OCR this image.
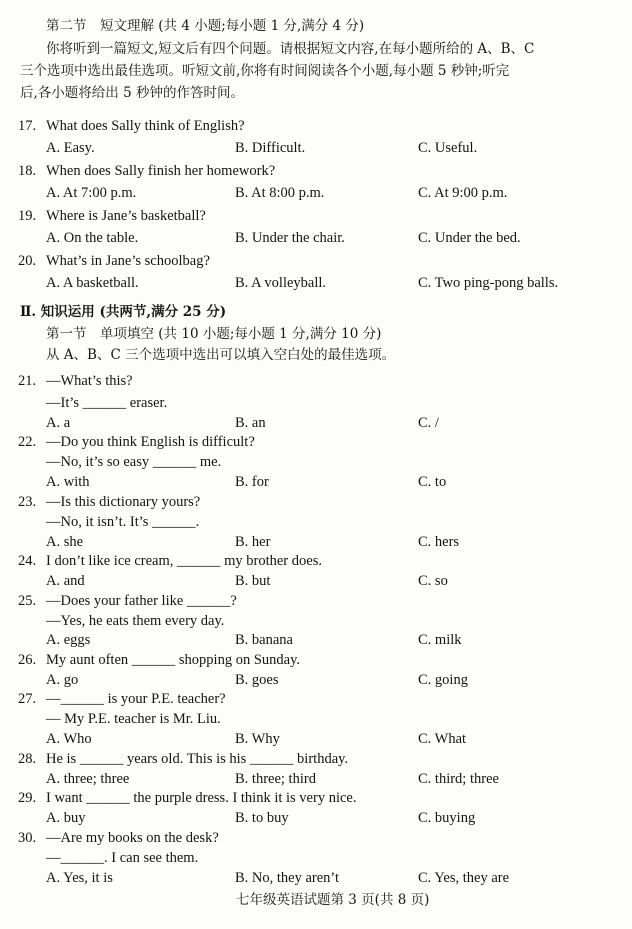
第二节　短文理解 (共 4 小题;每小题 1 分,满分 4 分)
你将听到一篇短文,短文后有四个问题。请根据短文内容,在每小题所给的 A、B、C
三个选项中选出最佳选项。听短文前,你将有时间阅读各个小题,每小题 5 秒钟;听完
后,各小题将给出 5 秒钟的作答时间。
17. What does Sally think of English?
A. Easy.	B. Difficult.	C. Useful.
18. When does Sally finish her homework?
A. At 7:00 p.m.	B. At 8:00 p.m.	C. At 9:00 p.m.
19. Where is Jane’s basketball?
A. On the table.	B. Under the chair.	C. Under the bed.
20. What’s in Jane’s schoolbag?
A. A basketball.	B. A volleyball.	C. Two ping-pong balls.
Ⅱ. 知识运用 (共两节,满分 25 分)
第一节　单项填空 (共 10 小题;每小题 1 分,满分 10 分)
从 A、B、C 三个选项中选出可以填入空白处的最佳选项。
21. —What’s this?
—It’s ______ eraser.
A. a	B. an	C. /
22. —Do you think English is difficult?
—No, it’s so easy ______ me.
A. with	B. for	C. to
23. —Is this dictionary yours?
—No, it isn’t. It’s ______.
A. she	B. her	C. hers
24. I don’t like ice cream, ______ my brother does.
A. and	B. but	C. so
25. —Does your father like ______?
—Yes, he eats them every day.
A. eggs	B. banana	C. milk
26. My aunt often ______ shopping on Sunday.
A. go	B. goes	C. going
27. —______ is your P.E. teacher?
— My P.E. teacher is Mr. Liu.
A. Who	B. Why	C. What
28. He is ______ years old. This is his ______ birthday.
A. three; three	B. three; third	C. third; three
29. I want ______ the purple dress. I think it is very nice.
A. buy	B. to buy	C. buying
30. —Are my books on the desk?
—______. I can see them.
A. Yes, it is	B. No, they aren’t	C. Yes, they are
七年级英语试题第 3 页(共 8 页)
